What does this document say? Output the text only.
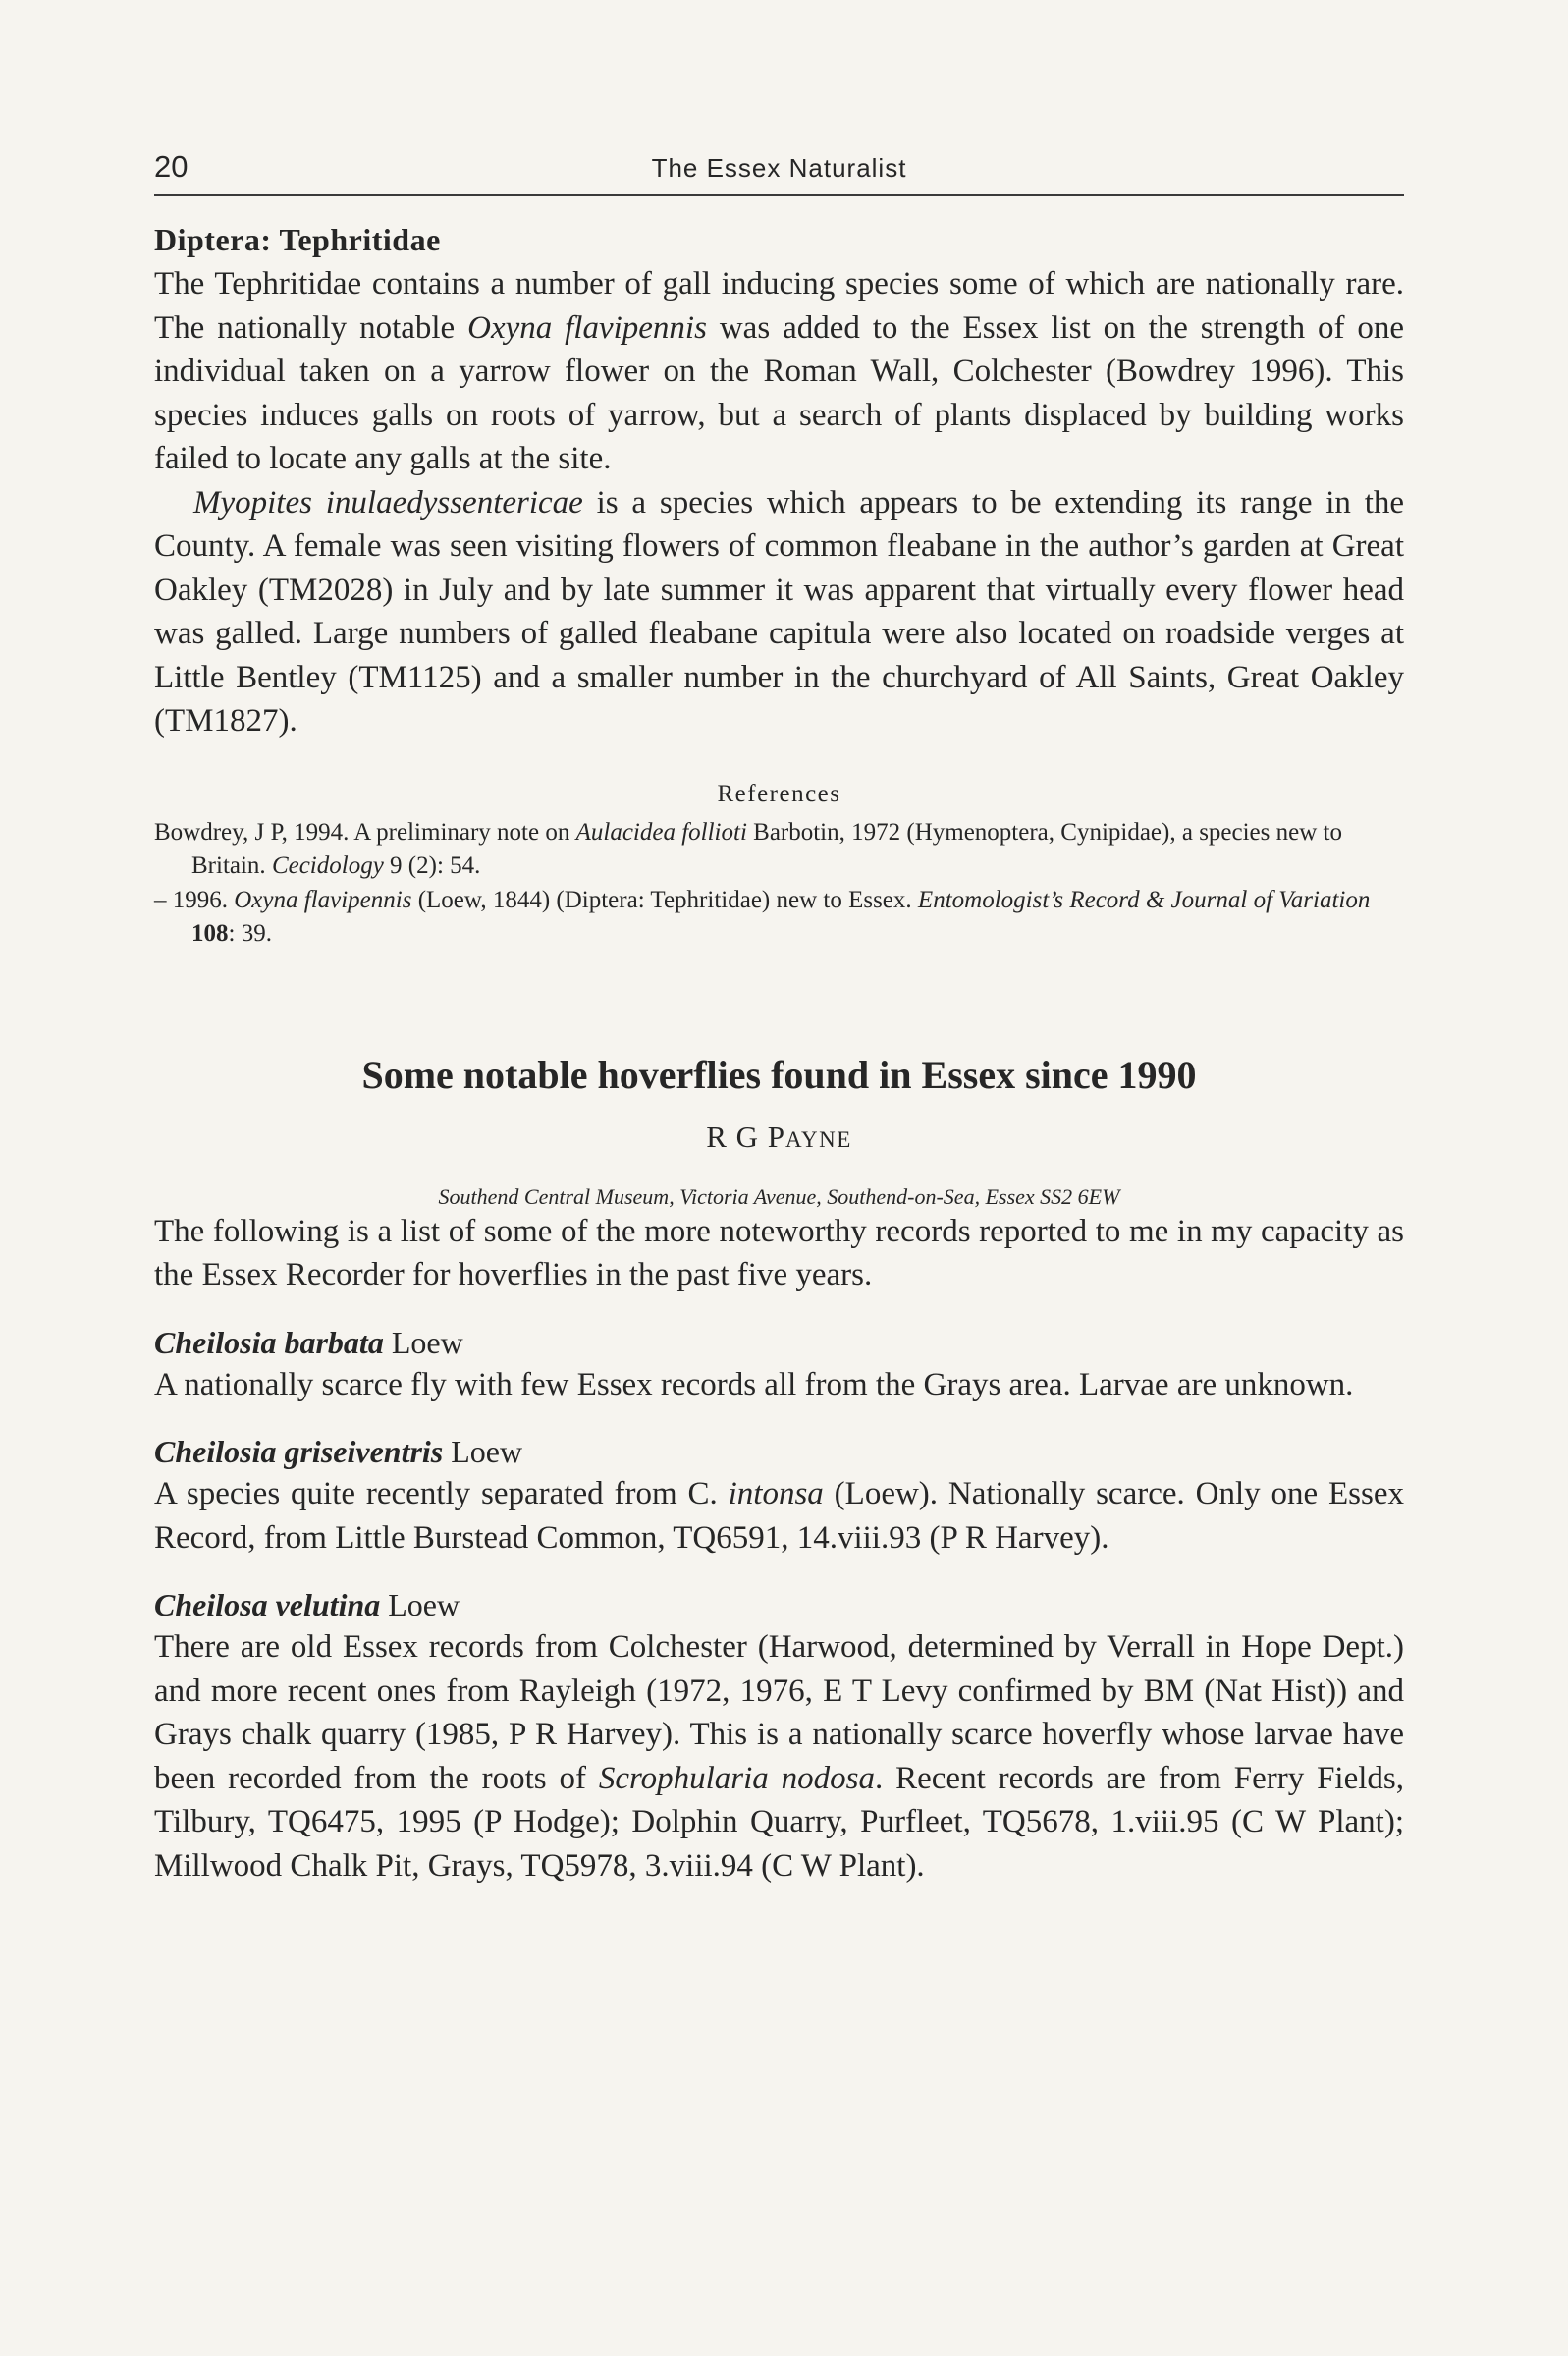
20	The Essex Naturalist
Diptera: Tephritidae

The Tephritidae contains a number of gall inducing species some of which are nationally rare. The nationally notable Oxyna flavipennis was added to the Essex list on the strength of one individual taken on a yarrow flower on the Roman Wall, Colchester (Bowdrey 1996). This species induces galls on roots of yarrow, but a search of plants displaced by building works failed to locate any galls at the site.

Myopites inulaedyssentericae is a species which appears to be extending its range in the County. A female was seen visiting flowers of common fleabane in the author’s garden at Great Oakley (TM2028) in July and by late summer it was apparent that virtually every flower head was galled. Large numbers of galled fleabane capitula were also located on roadside verges at Little Bentley (TM1125) and a smaller number in the churchyard of All Saints, Great Oakley (TM1827).

References

Bowdrey, J P, 1994. A preliminary note on Aulacidea follioti Barbotin, 1972 (Hymenoptera, Cynipidae), a species new to Britain. Cecidology 9 (2): 54.

– 1996. Oxyna flavipennis (Loew, 1844) (Diptera: Tephritidae) new to Essex. Entomologist’s Record & Journal of Variation 108: 39.

Some notable hoverflies found in Essex since 1990
R G PAYNE
Southend Central Museum, Victoria Avenue, Southend-on-Sea, Essex SS2 6EW

The following is a list of some of the more noteworthy records reported to me in my capacity as the Essex Recorder for hoverflies in the past five years.

Cheilosia barbata Loew

A nationally scarce fly with few Essex records all from the Grays area. Larvae are unknown.

Cheilosia griseiventris Loew

A species quite recently separated from C. intonsa (Loew). Nationally scarce. Only one Essex Record, from Little Burstead Common, TQ6591, 14.viii.93 (P R Harvey).

Cheilosa velutina Loew

There are old Essex records from Colchester (Harwood, determined by Verrall in Hope Dept.) and more recent ones from Rayleigh (1972, 1976, E T Levy confirmed by BM (Nat Hist)) and Grays chalk quarry (1985, P R Harvey). This is a nationally scarce hoverfly whose larvae have been recorded from the roots of Scrophularia nodosa. Recent records are from Ferry Fields, Tilbury, TQ6475, 1995 (P Hodge); Dolphin Quarry, Purfleet, TQ5678, 1.viii.95 (C W Plant); Millwood Chalk Pit, Grays, TQ5978, 3.viii.94 (C W Plant).
